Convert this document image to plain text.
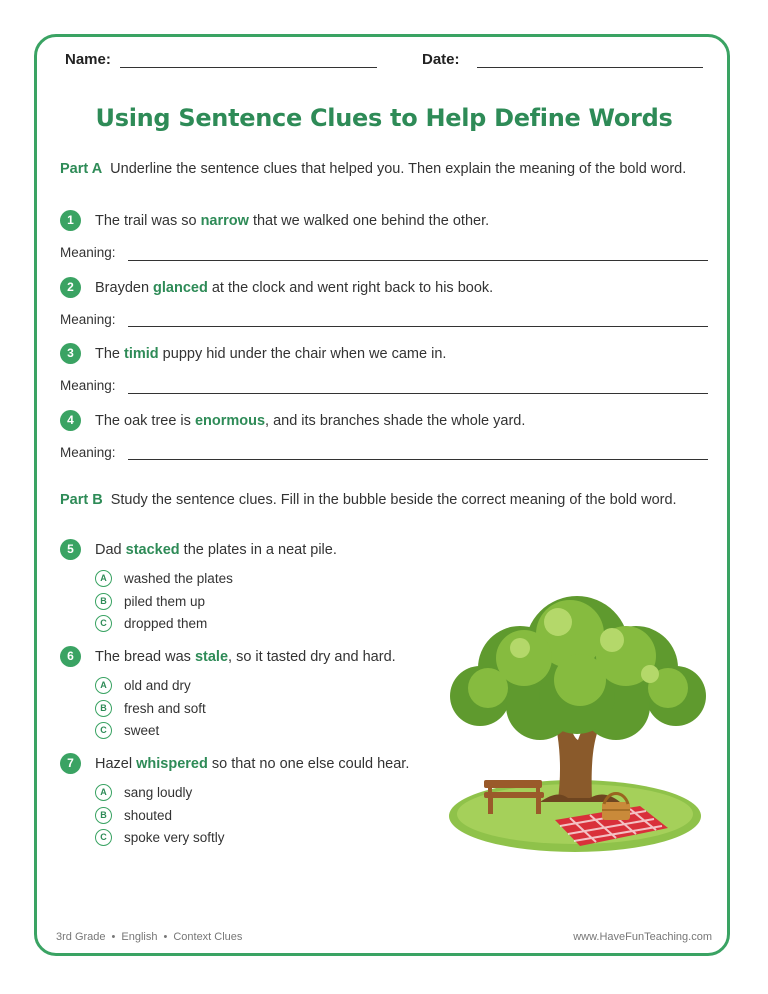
Name:	Date:
Using Sentence Clues to Help Define Words
Part A Underline the sentence clues that helped you. Then explain the meaning of the bold word.
1	The trail was so narrow that we walked one behind the other.
Meaning:
2	Brayden glanced at the clock and went right back to his book.
Meaning:
3	The timid puppy hid under the chair when we came in.
Meaning:
4	The oak tree is enormous, and its branches shade the whole yard.
Meaning:
Part B Study the sentence clues. Fill in the bubble beside the correct meaning of the bold word.
5	Dad stacked the plates in a neat pile.
A	washed the plates
B	piled them up
C	dropped them
6	The bread was stale, so it tasted dry and hard.
A	old and dry
B	fresh and soft
C	sweet
7	Hazel whispered so that no one else could hear.
A	sang loudly
B	shouted
C	spoke very softly
3rd Grade • English • Context Clues	www.HaveFunTeaching.com
